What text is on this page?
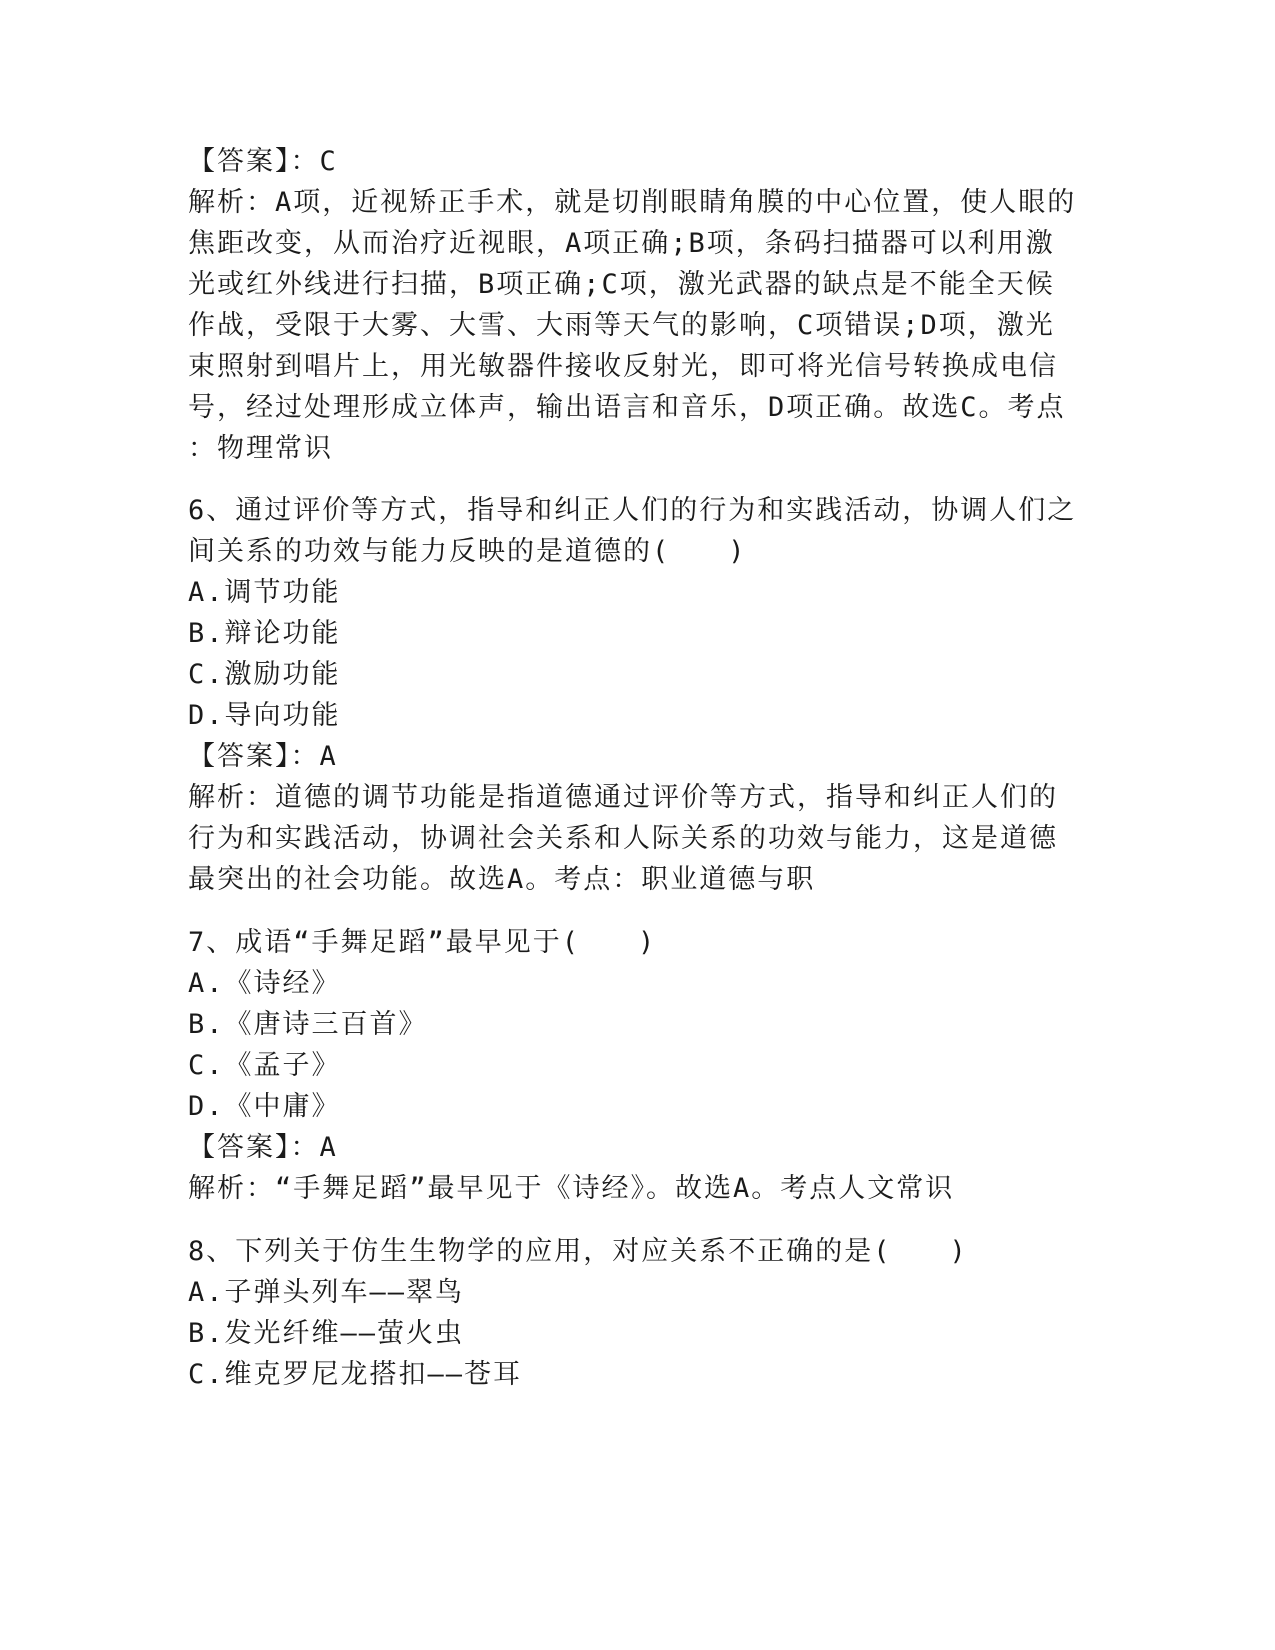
【答案】：C
解析：A项，近视矫正手术，就是切削眼睛角膜的中心位置，使人眼的
焦距改变，从而治疗近视眼，A项正确;B项，条码扫描器可以利用激
光或红外线进行扫描，B项正确;C项，激光武器的缺点是不能全天候
作战，受限于大雾、大雪、大雨等天气的影响，C项错误;D项，激光
束照射到唱片上，用光敏器件接收反射光，即可将光信号转换成电信
号，经过处理形成立体声，输出语言和音乐，D项正确。故选C。考点
：物理常识
6、通过评价等方式，指导和纠正人们的行为和实践活动，协调人们之
间关系的功效与能力反映的是道德的(　　)
A.调节功能
B.辩论功能
C.激励功能
D.导向功能
【答案】：A
解析：道德的调节功能是指道德通过评价等方式，指导和纠正人们的
行为和实践活动，协调社会关系和人际关系的功效与能力，这是道德
最突出的社会功能。故选A。考点：职业道德与职
7、成语“手舞足蹈”最早见于(　　)
A.《诗经》
B.《唐诗三百首》
C.《孟子》
D.《中庸》
【答案】：A
解析：“手舞足蹈”最早见于《诗经》。故选A。考点人文常识
8、下列关于仿生生物学的应用，对应关系不正确的是(　　)
A.子弹头列车——翠鸟
B.发光纤维——萤火虫
C.维克罗尼龙搭扣——苍耳
